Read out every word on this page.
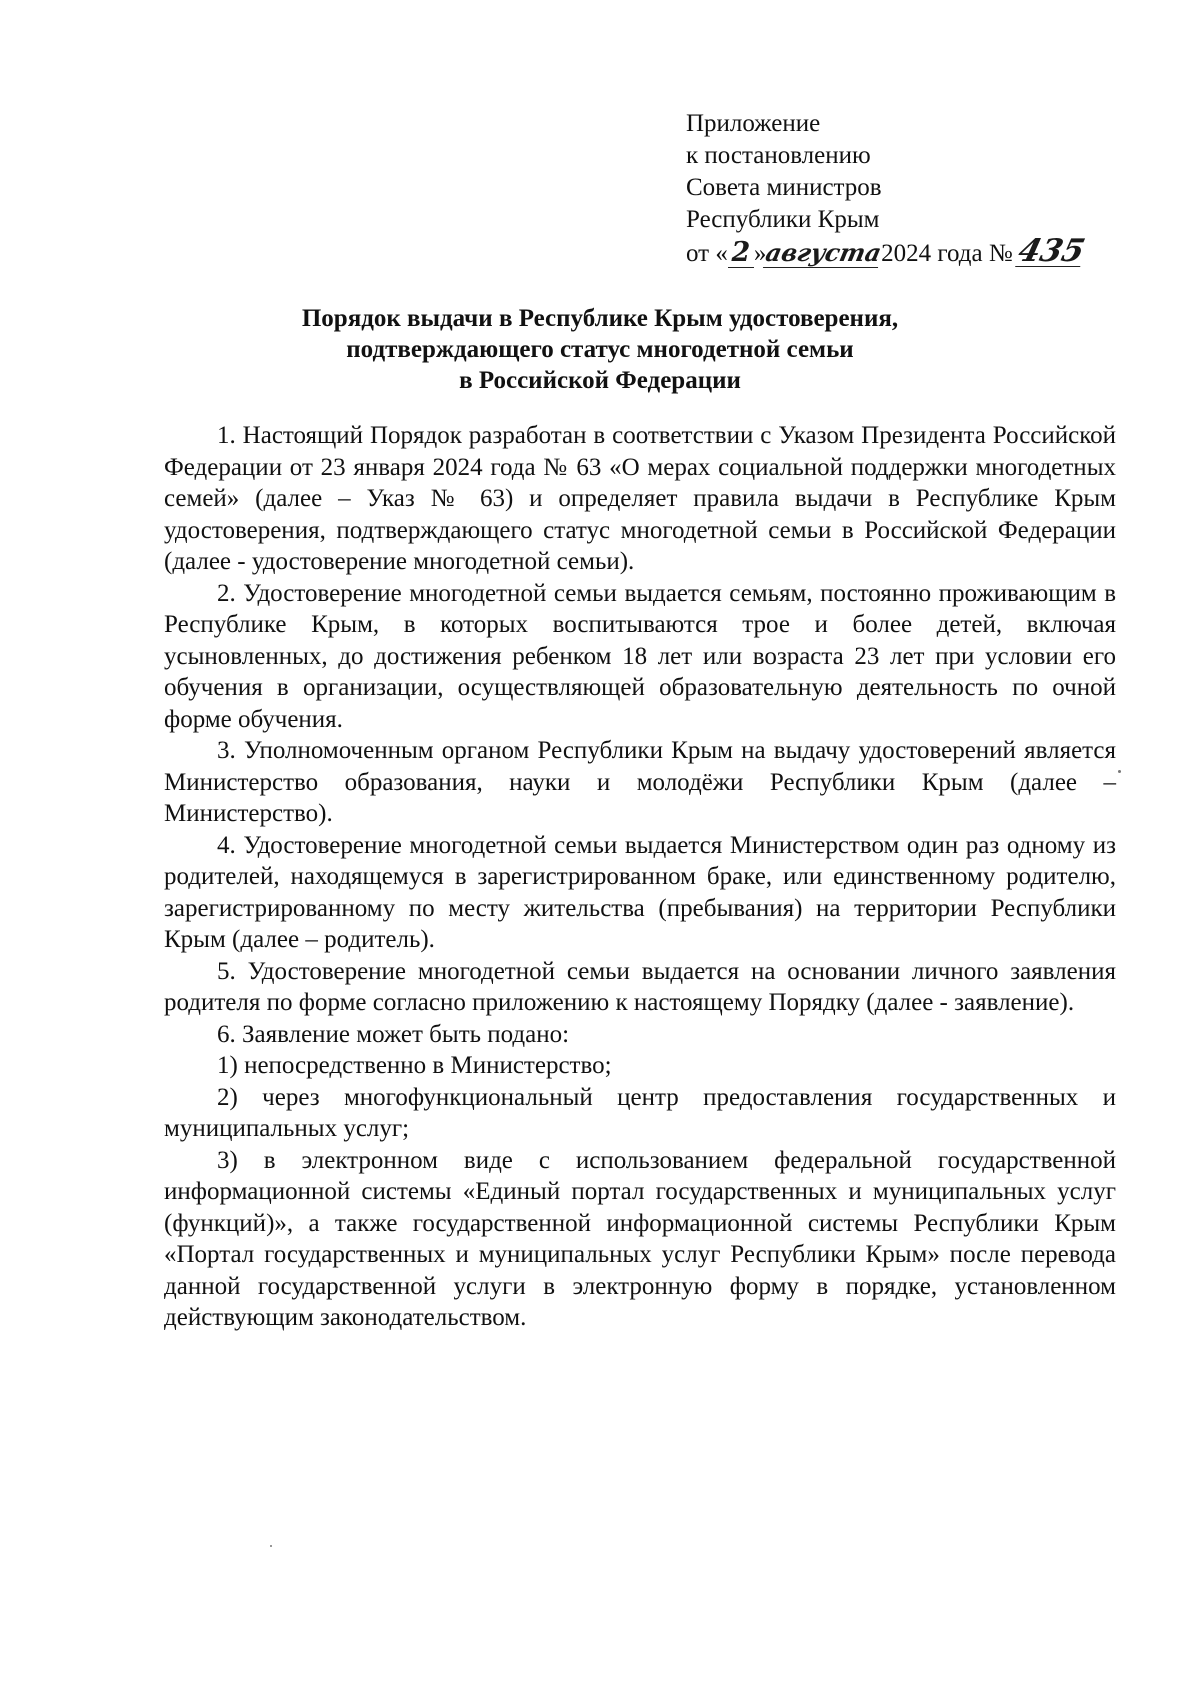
Приложение
к постановлению
Совета министров
Республики Крым
от « 2 »августа2024 года № 435
Порядок выдачи в Республике Крым удостоверения,
подтверждающего статус многодетной семьи
в Российской Федерации

1. Настоящий Порядок разработан в соответствии с Указом Президента Российской Федерации от 23 января 2024 года № 63 «О мерах социальной поддержки многодетных семей» (далее – Указ № 63) и определяет правила выдачи в Республике Крым удостоверения, подтверждающего статус многодетной семьи в Российской Федерации (далее - удостоверение многодетной семьи).

2. Удостоверение многодетной семьи выдается семьям, постоянно проживающим в Республике Крым, в которых воспитываются трое и более детей, включая усыновленных, до достижения ребенком 18 лет или возраста 23 лет при условии его обучения в организации, осуществляющей образовательную деятельность по очной форме обучения.

3. Уполномоченным органом Республики Крым на выдачу удостоверений является Министерство образования, науки и молодёжи Республики Крым (далее – Министерство).

4. Удостоверение многодетной семьи выдается Министерством один раз одному из родителей, находящемуся в зарегистрированном браке, или единственному родителю, зарегистрированному по месту жительства (пребывания) на территории Республики Крым (далее – родитель).

5. Удостоверение многодетной семьи выдается на основании личного заявления родителя по форме согласно приложению к настоящему Порядку (далее - заявление).

6. Заявление может быть подано:

1) непосредственно в Министерство;

2) через многофункциональный центр предоставления государственных и муниципальных услуг;

3) в электронном виде с использованием федеральной государственной информационной системы «Единый портал государственных и муниципальных услуг (функций)», а также государственной информационной системы Республики Крым «Портал государственных и муниципальных услуг Республики Крым» после перевода данной государственной услуги в электронную форму в порядке, установленном действующим законодательством.
